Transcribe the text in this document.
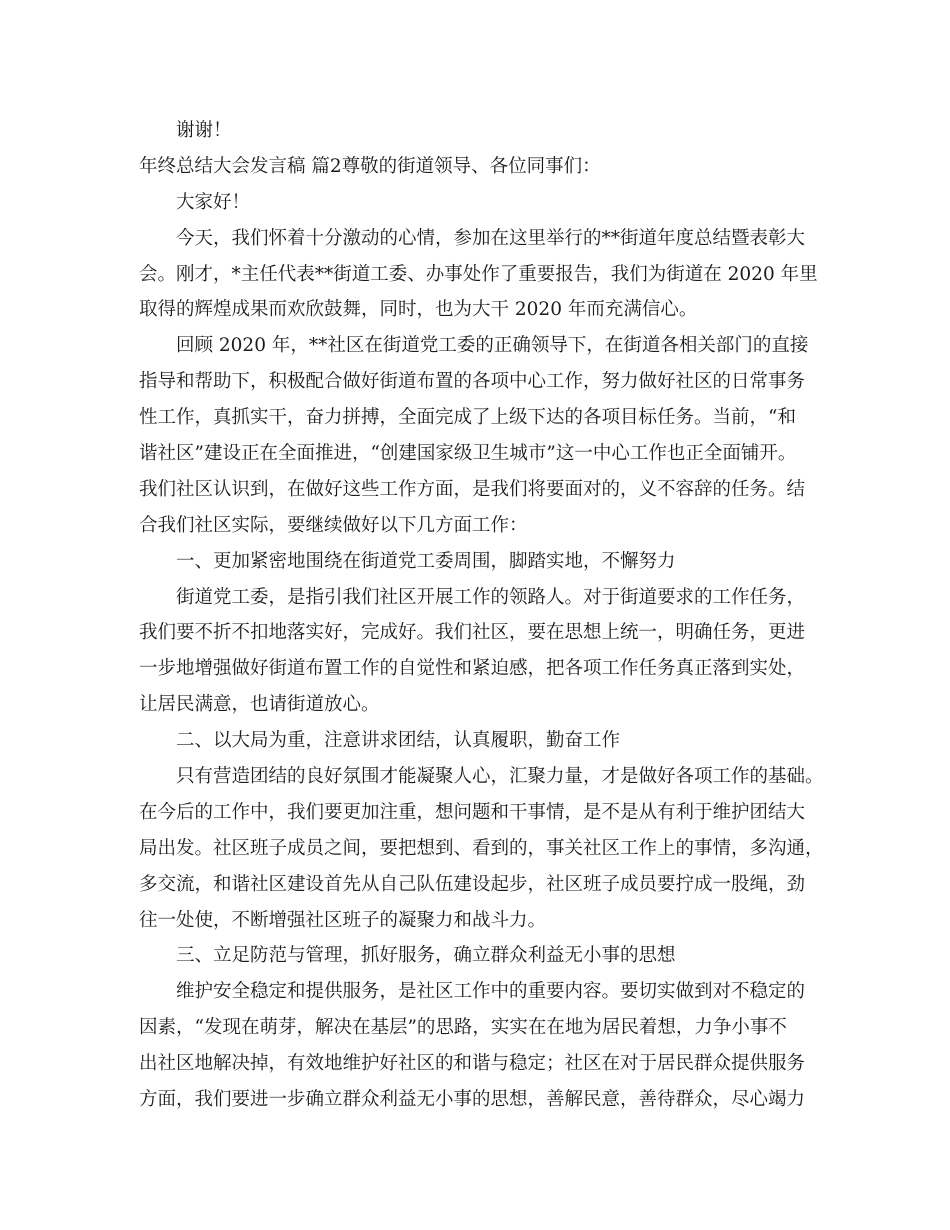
谢谢！
年终总结大会发言稿 篇2尊敬的街道领导、各位同事们：
大家好！
今天，我们怀着十分激动的心情，参加在这里举行的**街道年度总结暨表彰大
会。刚才，*主任代表**街道工委、办事处作了重要报告，我们为街道在 2020 年里
取得的辉煌成果而欢欣鼓舞，同时，也为大干 2020 年而充满信心。
回顾 2020 年，**社区在街道党工委的正确领导下，在街道各相关部门的直接
指导和帮助下，积极配合做好街道布置的各项中心工作，努力做好社区的日常事务
性工作，真抓实干，奋力拼搏，全面完成了上级下达的各项目标任务。当前，“和
谐社区”建设正在全面推进，“创建国家级卫生城市”这一中心工作也正全面铺开。
我们社区认识到，在做好这些工作方面，是我们将要面对的，义不容辞的任务。结
合我们社区实际，要继续做好以下几方面工作：
一、更加紧密地围绕在街道党工委周围，脚踏实地，不懈努力
街道党工委，是指引我们社区开展工作的领路人。对于街道要求的工作任务，
我们要不折不扣地落实好，完成好。我们社区，要在思想上统一，明确任务，更进
一步地增强做好街道布置工作的自觉性和紧迫感，把各项工作任务真正落到实处，
让居民满意，也请街道放心。
二、以大局为重，注意讲求团结，认真履职，勤奋工作
只有营造团结的良好氛围才能凝聚人心，汇聚力量，才是做好各项工作的基础。
在今后的工作中，我们要更加注重，想问题和干事情，是不是从有利于维护团结大
局出发。社区班子成员之间，要把想到、看到的，事关社区工作上的事情，多沟通，
多交流，和谐社区建设首先从自己队伍建设起步，社区班子成员要拧成一股绳，劲
往一处使，不断增强社区班子的凝聚力和战斗力。
三、立足防范与管理，抓好服务，确立群众利益无小事的思想
维护安全稳定和提供服务，是社区工作中的重要内容。要切实做到对不稳定的
因素，“发现在萌芽，解决在基层”的思路，实实在在地为居民着想，力争小事不
出社区地解决掉，有效地维护好社区的和谐与稳定；社区在对于居民群众提供服务
方面，我们要进一步确立群众利益无小事的思想，善解民意，善待群众，尽心竭力
